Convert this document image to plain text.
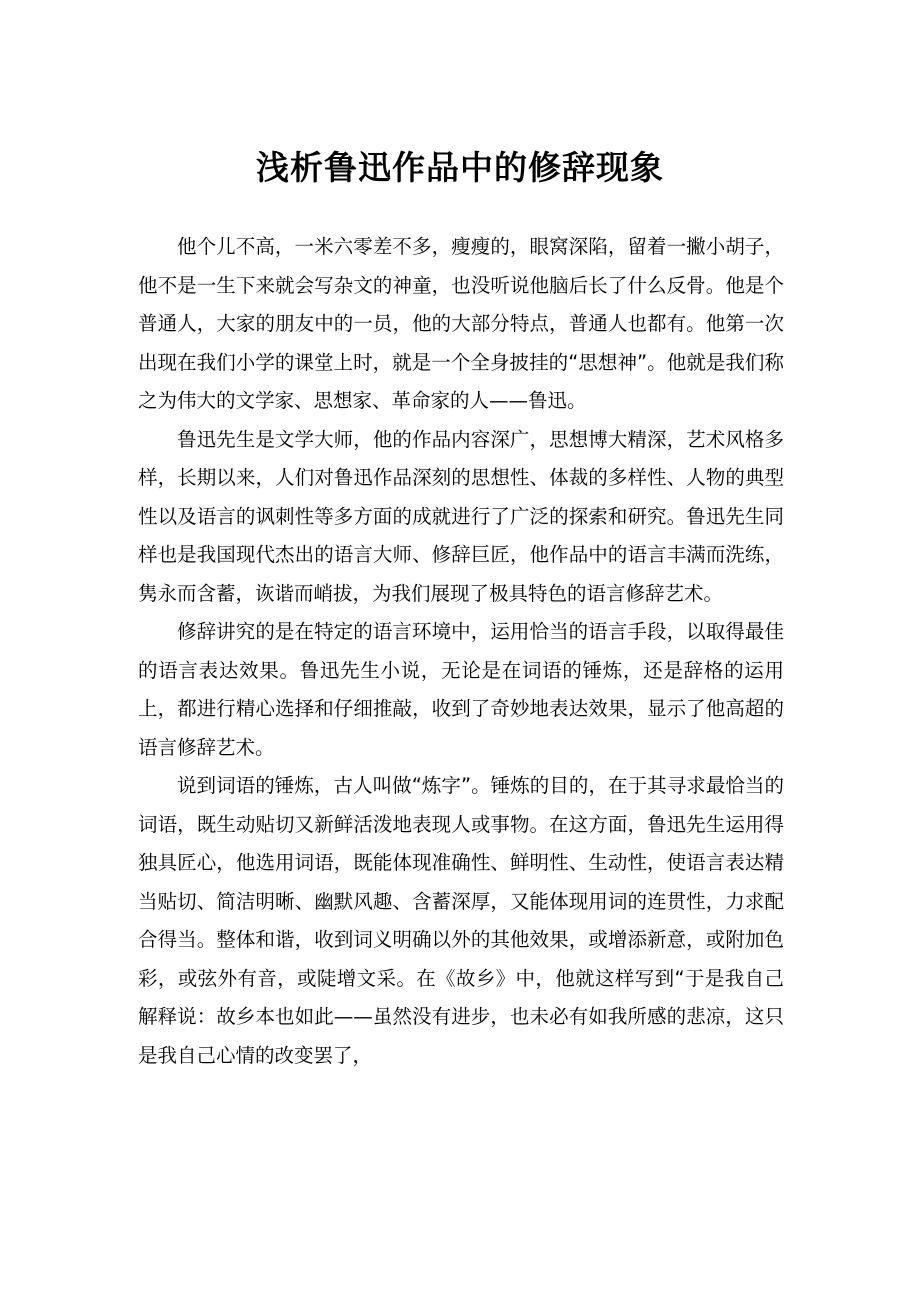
浅析鲁迅作品中的修辞现象

他个儿不高，一米六零差不多，瘦瘦的，眼窝深陷，留着一撇小胡子，他不是一生下来就会写杂文的神童，也没听说他脑后长了什么反骨。他是个普通人，大家的朋友中的一员，他的大部分特点，普通人也都有。他第一次出现在我们小学的课堂上时，就是一个全身披挂的“思想神”。他就是我们称之为伟大的文学家、思想家、革命家的人——鲁迅。

鲁迅先生是文学大师，他的作品内容深广，思想博大精深，艺术风格多样，长期以来，人们对鲁迅作品深刻的思想性、体裁的多样性、人物的典型性以及语言的讽刺性等多方面的成就进行了广泛的探索和研究。鲁迅先生同样也是我国现代杰出的语言大师、修辞巨匠，他作品中的语言丰满而洗练，隽永而含蓄，诙谐而峭拔，为我们展现了极具特色的语言修辞艺术。

修辞讲究的是在特定的语言环境中，运用恰当的语言手段，以取得最佳的语言表达效果。鲁迅先生小说，无论是在词语的锤炼，还是辞格的运用上，都进行精心选择和仔细推敲，收到了奇妙地表达效果，显示了他高超的语言修辞艺术。

说到词语的锤炼，古人叫做“炼字”。锤炼的目的，在于其寻求最恰当的词语，既生动贴切又新鲜活泼地表现人或事物。在这方面，鲁迅先生运用得独具匠心，他选用词语，既能体现准确性、鲜明性、生动性，使语言表达精当贴切、简洁明晰、幽默风趣、含蓄深厚，又能体现用词的连贯性，力求配合得当。整体和谐，收到词义明确以外的其他效果，或增添新意，或附加色彩，或弦外有音，或陡增文采。在《故乡》中，他就这样写到“于是我自己解释说：故乡本也如此——虽然没有进步，也未必有如我所感的悲凉，这只是我自己心情的改变罢了，
